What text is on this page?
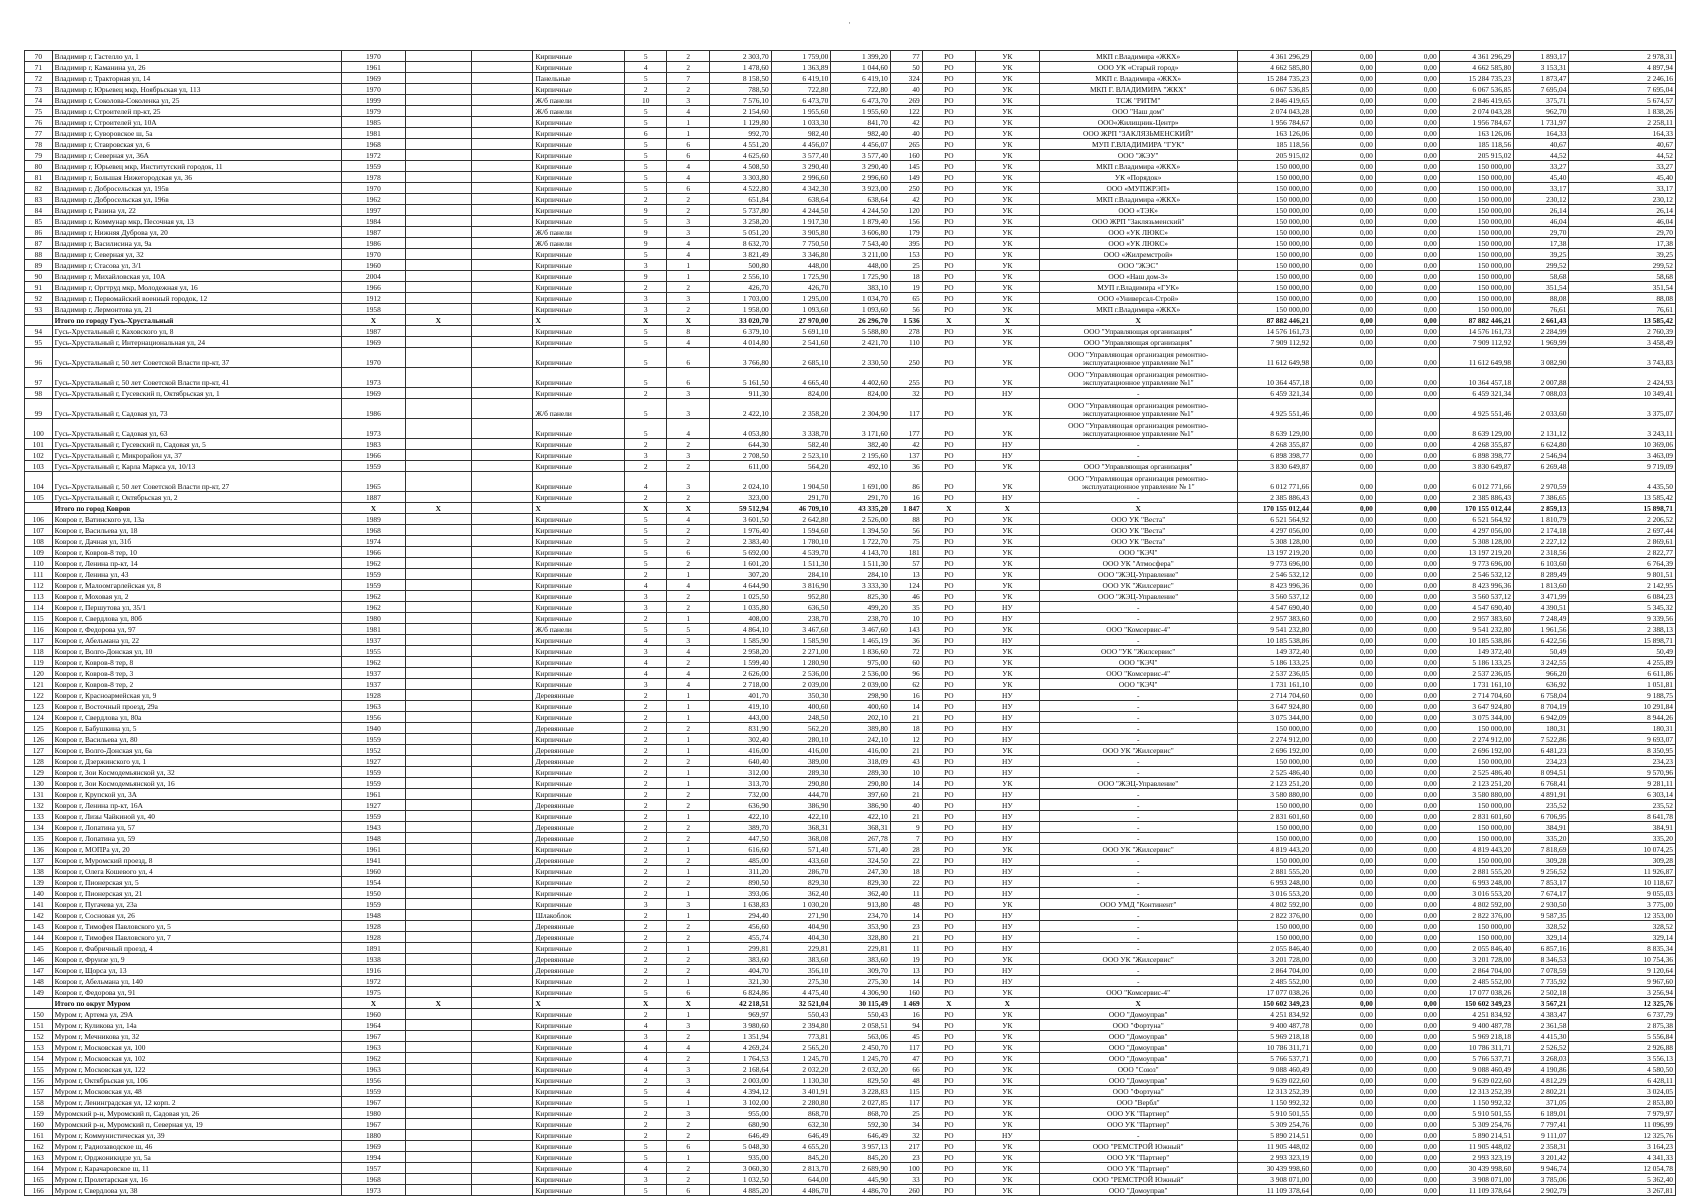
·
70	Владимир г, Гастелло ул, 1	1970			Кирпичные	5	2	2 303,70	1 759,00	1 399,20	77	РО	УК	МКП г.Владимира «ЖКХ»	4 361 296,29	0,00	0,00	4 361 296,29	1 893,17	2 978,31
71	Владимир г, Каманина ул, 26	1961			Кирпичные	4	2	1 478,60	1 363,89	1 044,60	50	РО	УК	ООО УК «Старый город»	4 662 585,80	0,00	0,00	4 662 585,80	3 153,31	4 897,94
72	Владимир г, Тракторная ул, 14	1969			Панельные	5	7	8 158,50	6 419,10	6 419,10	324	РО	УК	МКП г. Владимира «ЖКХ»	15 284 735,23	0,00	0,00	15 284 735,23	1 873,47	2 246,16
73	Владимир г, Юрьевец мкр, Ноябрьская ул, 113	1970			Кирпичные	2	2	788,50	722,80	722,80	40	РО	УК	МКП Г. ВЛАДИМИРА "ЖКХ"	6 067 536,85	0,00	0,00	6 067 536,85	7 695,04	7 695,04
74	Владимир г, Соколова-Соколенка ул, 25	1999			Ж/б панели	10	3	7 576,10	6 473,70	6 473,70	269	РО	УК	ТСЖ "РИТМ"	2 846 419,65	0,00	0,00	2 846 419,65	375,71	5 674,57
75	Владимир г, Строителей пр-кт, 25	1979			Ж/б панели	5	4	2 154,60	1 955,60	1 955,60	122	РО	УК	ООО "Наш дом"	2 074 043,28	0,00	0,00	2 074 043,28	962,70	1 838,26
76	Владимир г, Строителей ул, 10А	1985			Кирпичные	5	1	1 129,80	1 033,30	841,70	42	РО	УК	ООО«Жилищник-Центр»	1 956 784,67	0,00	0,00	1 956 784,67	1 731,97	2 258,11
77	Владимир г, Суворовское ш, 5а	1981			Кирпичные	6	1	992,70	982,40	982,40	40	РО	УК	ООО ЖРП "ЗАКЛЯЗЬМЕНСКИЙ"	163 126,06	0,00	0,00	163 126,06	164,33	164,33
78	Владимир г, Ставровская ул, 6	1968			Кирпичные	5	6	4 551,20	4 456,07	4 456,07	265	РО	УК	МУП Г.ВЛАДИМИРА "ГУК"	185 118,56	0,00	0,00	185 118,56	40,67	40,67
79	Владимир г, Северная ул, 36А	1972			Кирпичные	5	6	4 625,60	3 577,40	3 577,40	160	РО	УК	ООО "ЖЭУ"	205 915,02	0,00	0,00	205 915,02	44,52	44,52
80	Владимир г, Юрьевец мкр, Институтский городок, 11	1959			Кирпичные	5	4	4 508,50	3 290,40	3 290,40	145	РО	УК	МКП г.Владимира «ЖКХ»	150 000,00	0,00	0,00	150 000,00	33,27	33,27
81	Владимир г, Большая Нижегородская ул, 36	1978			Кирпичные	5	4	3 303,80	2 996,60	2 996,60	149	РО	УК	УК «Порядок»	150 000,00	0,00	0,00	150 000,00	45,40	45,40
82	Владимир г, Добросельская ул, 195в	1970			Кирпичные	5	6	4 522,80	4 342,30	3 923,00	250	РО	УК	ООО «МУПЖРЭП»	150 000,00	0,00	0,00	150 000,00	33,17	33,17
83	Владимир г, Добросельская ул, 196в	1962			Кирпичные	2	2	651,84	638,64	638,64	42	РО	УК	МКП г.Владимира «ЖКХ»	150 000,00	0,00	0,00	150 000,00	230,12	230,12
84	Владимир г, Разина ул, 22	1997			Кирпичные	9	2	5 737,80	4 244,50	4 244,50	120	РО	УК	ООО «ТЭК»	150 000,00	0,00	0,00	150 000,00	26,14	26,14
85	Владимир г, Коммунар мкр, Песочная ул, 13	1984			Кирпичные	5	3	3 258,20	1 917,30	1 879,40	156	РО	УК	ООО ЖРП "Заклязьменский"	150 000,00	0,00	0,00	150 000,00	46,04	46,04
86	Владимир г, Нижняя Дуброва ул, 20	1987			Ж/б панели	9	3	5 051,20	3 905,80	3 606,80	179	РО	УК	ООО «УК ЛЮКС»	150 000,00	0,00	0,00	150 000,00	29,70	29,70
87	Владимир г, Василисина ул, 9а	1986			Ж/б панели	9	4	8 632,70	7 750,50	7 543,40	395	РО	УК	ООО «УК ЛЮКС»	150 000,00	0,00	0,00	150 000,00	17,38	17,38
88	Владимир г, Северная ул, 32	1970			Кирпичные	5	4	3 821,49	3 346,80	3 211,00	153	РО	УК	ООО «Жилремстрой»	150 000,00	0,00	0,00	150 000,00	39,25	39,25
89	Владимир г, Стасова ул, 3/1	1960			Кирпичные	3	1	500,80	448,00	448,00	25	РО	УК	ООО "ЖЭС"	150 000,00	0,00	0,00	150 000,00	299,52	299,52
90	Владимир г, Михайловская ул, 10А	2004			Кирпичные	9	1	2 556,10	1 725,90	1 725,90	18	РО	УК	ООО «Наш дом-3»	150 000,00	0,00	0,00	150 000,00	58,68	58,68
91	Владимир г, Оргтруд мкр, Молодежная ул, 16	1966			Кирпичные	2	2	426,70	426,70	383,10	19	РО	УК	МУП г.Владимира «ГУК»	150 000,00	0,00	0,00	150 000,00	351,54	351,54
92	Владимир г, Первомайский военный городок, 12	1912			Кирпичные	3	3	1 703,00	1 295,00	1 034,70	65	РО	УК	ООО «Универсал-Строй»	150 000,00	0,00	0,00	150 000,00	88,08	88,08
93	Владимир г, Лермонтова ул, 21	1958			Кирпичные	3	2	1 958,00	1 093,60	1 093,60	56	РО	УК	МКП г.Владимира «ЖКХ»	150 000,00	0,00	0,00	150 000,00	76,61	76,61
	Итого по городу Гусь-Хрустальный	Х	Х		Х	Х	Х	33 020,70	27 970,00	26 296,70	1 536	Х	Х	Х	87 882 446,21	0,00	0,00	87 882 446,21	2 661,43	13 585,42
94	Гусь-Хрустальный г, Каховского ул, 8	1987			Кирпичные	5	8	6 379,10	5 691,10	5 588,80	278	РО	УК	ООО "Управляющая организация"	14 576 161,73	0,00	0,00	14 576 161,73	2 284,99	2 760,39
95	Гусь-Хрустальный г, Интернациональная ул, 24	1969			Кирпичные	5	4	4 014,80	2 541,60	2 421,70	110	РО	УК	ООО "Управляющая организация"	7 909 112,92	0,00	0,00	7 909 112,92	1 969,99	3 458,49
96	Гусь-Хрустальный г, 50 лет Советской Власти пр-кт, 37	1970			Кирпичные	5	6	3 766,80	2 685,10	2 330,50	250	РО	УК	ООО "Управляющая организация ремонтно-эксплуатационное управление №1"	11 612 649,98	0,00	0,00	11 612 649,98	3 082,90	3 743,83
97	Гусь-Хрустальный г, 50 лет Советской Власти пр-кт, 41	1973			Кирпичные	5	6	5 161,50	4 665,40	4 402,60	255	РО	УК	ООО "Управляющая организация ремонтно-эксплуатационное управление №1"	10 364 457,18	0,00	0,00	10 364 457,18	2 007,88	2 424,93
98	Гусь-Хрустальный г, Гусевский п, Октябрьская ул, 1	1969			Кирпичные	2	3	911,30	824,00	824,00	32	РО	НУ	-	6 459 321,34	0,00	0,00	6 459 321,34	7 088,03	10 349,41
99	Гусь-Хрустальный г, Садовая ул, 73	1986			Ж/б панели	5	3	2 422,10	2 358,20	2 304,90	117	РО	УК	ООО "Управляющая организация ремонтно-эксплуатационное управление №1"	4 925 551,46	0,00	0,00	4 925 551,46	2 033,60	3 375,07
100	Гусь-Хрустальный г, Садовая ул, 63	1973			Кирпичные	5	4	4 053,80	3 338,70	3 171,60	177	РО	УК	ООО "Управляющая организация ремонтно-эксплуатационное управление №1"	8 639 129,00	0,00	0,00	8 639 129,00	2 131,12	3 243,11
101	Гусь-Хрустальный г, Гусевский п, Садовая ул, 5	1983			Кирпичные	2	2	644,30	582,40	382,40	42	РО	НУ	-	4 268 355,87	0,00	0,00	4 268 355,87	6 624,80	10 369,06
102	Гусь-Хрустальный г, Микрорайон ул, 37	1966			Кирпичные	3	3	2 708,50	2 523,10	2 195,60	137	РО	НУ	-	6 898 398,77	0,00	0,00	6 898 398,77	2 546,94	3 463,09
103	Гусь-Хрустальный г, Карла Маркса ул, 10/13	1959			Кирпичные	2	2	611,00	564,20	492,10	36	РО	УК	ООО "Управляющая организация"	3 830 649,87	0,00	0,00	3 830 649,87	6 269,48	9 719,09
104	Гусь-Хрустальный г, 50 лет Советской Власти пр-кт, 27	1965			Кирпичные	4	3	2 024,10	1 904,50	1 691,00	86	РО	УК	ООО "Управляющая организация ремонтно-эксплуатационное управление № 1"	6 012 771,66	0,00	0,00	6 012 771,66	2 970,59	4 435,50
105	Гусь-Хрустальный г, Октябрьская ул, 2	1887			Кирпичные	2	2	323,00	291,70	291,70	16	РО	НУ	-	2 385 886,43	0,00	0,00	2 385 886,43	7 386,65	13 585,42
	Итого по город Ковров	Х	Х		Х	Х	Х	59 512,94	46 709,10	43 335,20	1 847	Х	Х	Х	170 155 012,44	0,00	0,00	170 155 012,44	2 859,13	15 898,71
106	Ковров г, Ватинского ул, 13а	1989			Кирпичные	5	4	3 601,50	2 642,80	2 526,00	88	РО	УК	ООО УК "Веста"	6 521 564,92	0,00	0,00	6 521 564,92	1 810,79	2 206,52
107	Ковров г, Васильева ул, 18	1968			Кирпичные	5	2	1 976,40	1 594,60	1 394,50	56	РО	УК	ООО УК "Веста"	4 297 056,00	0,00	0,00	4 297 056,00	2 174,18	2 697,44
108	Ковров г, Дачная ул, 31б	1974			Кирпичные	5	2	2 383,40	1 780,10	1 722,70	75	РО	УК	ООО УК "Веста"	5 308 128,00	0,00	0,00	5 308 128,00	2 227,12	2 869,61
109	Ковров г, Ковров-8 тер, 10	1966			Кирпичные	5	6	5 692,00	4 539,70	4 143,70	181	РО	УК	ООО "КЭЧ"	13 197 219,20	0,00	0,00	13 197 219,20	2 318,56	2 822,77
110	Ковров г, Ленина пр-кт, 14	1962			Кирпичные	5	2	1 601,20	1 511,30	1 511,30	57	РО	УК	ООО УК "Атмосфера"	9 773 696,00	0,00	0,00	9 773 696,00	6 103,60	6 764,39
111	Ковров г, Ленина ул, 43	1959			Кирпичные	2	1	307,20	284,10	284,10	13	РО	УК	ООО "ЖЭЦ-Управление"	2 546 532,12	0,00	0,00	2 546 532,12	8 289,49	9 801,51
112	Ковров г, Малоомгарлейская ул, 8	1959			Кирпичные	4	4	4 644,90	3 816,90	3 333,30	124	РО	УК	ООО УК "Жилсервис"	8 423 996,36	0,00	0,00	8 423 996,36	1 813,60	2 142,95
113	Ковров г, Моховая ул, 2	1962			Кирпичные	3	2	1 025,50	952,80	825,30	46	РО	УК	ООО "ЖЭЦ-Управление"	3 560 537,12	0,00	0,00	3 560 537,12	3 471,99	6 084,23
114	Ковров г, Першутова ул, 35/1	1962			Кирпичные	3	2	1 035,80	636,50	499,20	35	РО	НУ	-	4 547 690,40	0,00	0,00	4 547 690,40	4 390,51	5 345,32
115	Ковров г, Свердлова ул, 80б	1980			Кирпичные	2	1	408,00	238,70	238,70	10	РО	НУ	-	2 957 383,60	0,00	0,00	2 957 383,60	7 248,49	9 339,56
116	Ковров г, Федорова ул, 97	1981			Ж/б панели	5	5	4 864,10	3 467,60	3 467,60	143	РО	УК	ООО "Комсервис-4"	9 541 232,80	0,00	0,00	9 541 232,80	1 961,56	2 388,13
117	Ковров г, Абельмана ул, 22	1937			Кирпичные	4	3	1 585,90	1 585,90	1 465,19	36	РО	НУ	-	10 185 538,86	0,00	0,00	10 185 538,86	6 422,56	15 898,71
118	Ковров г, Волго-Донская ул, 10	1955			Кирпичные	3	4	2 958,20	2 271,00	1 836,60	72	РО	УК	ООО "УК "Жилсервис"	149 372,40	0,00	0,00	149 372,40	50,49	50,49
119	Ковров г, Ковров-8 тер, 8	1962			Кирпичные	4	2	1 599,40	1 280,90	975,00	60	РО	УК	ООО "КЭЧ"	5 186 133,25	0,00	0,00	5 186 133,25	3 242,55	4 255,89
120	Ковров г, Ковров-8 тер, 3	1937			Кирпичные	4	4	2 626,00	2 536,00	2 536,00	96	РО	УК	ООО "Комсервис-4"	2 537 236,05	0,00	0,00	2 537 236,05	966,20	6 611,86
121	Ковров г, Ковров-8 тер, 2	1937			Кирпичные	3	4	2 718,00	2 039,00	2 039,00	62	РО	УК	ООО "КЭЧ"	1 731 161,10	0,00	0,00	1 731 161,10	636,92	1 051,81
122	Ковров г, Красноармейская ул, 9	1928			Деревянные	2	1	401,70	350,30	298,90	16	РО	НУ	-	2 714 704,60	0,00	0,00	2 714 704,60	6 758,04	9 188,75
123	Ковров г, Восточный проезд, 29а	1963			Кирпичные	2	1	419,10	400,60	400,60	14	РО	НУ	-	3 647 924,80	0,00	0,00	3 647 924,80	8 704,19	10 291,84
124	Ковров г, Свердлова ул, 80а	1956			Кирпичные	2	1	443,00	248,50	202,10	21	РО	НУ	-	3 075 344,00	0,00	0,00	3 075 344,00	6 942,09	8 944,26
125	Ковров г, Бабушкина ул, 5	1940			Деревянные	2	2	831,90	562,20	389,80	18	РО	НУ	-	150 000,00	0,00	0,00	150 000,00	180,31	180,31
126	Ковров г, Васильева ул, 80	1959			Кирпичные	2	1	302,40	280,10	242,10	12	РО	НУ	-	2 274 912,00	0,00	0,00	2 274 912,00	7 522,86	9 693,07
127	Ковров г, Волго-Донская ул, 6а	1952			Деревянные	2	1	416,00	416,00	416,00	21	РО	УК	ООО УК "Жилсервис"	2 696 192,00	0,00	0,00	2 696 192,00	6 481,23	8 350,95
128	Ковров г, Дзержинского ул, 1	1927			Деревянные	2	2	640,40	389,00	318,09	43	РО	НУ	-	150 000,00	0,00	0,00	150 000,00	234,23	234,23
129	Ковров г, Зои Космодемьянской ул, 32	1959			Кирпичные	2	1	312,00	289,30	289,30	10	РО	НУ	-	2 525 486,40	0,00	0,00	2 525 486,40	8 094,51	9 570,96
130	Ковров г, Зои Космодемьянской ул, 16	1959			Кирпичные	2	1	313,70	290,80	290,80	14	РО	УК	ООО "ЖЭЦ-Управление"	2 123 251,20	0,00	0,00	2 123 251,20	6 768,41	9 281,11
131	Ковров г, Крупской ул, 3А	1961			Кирпичные	2	2	732,00	444,70	397,60	21	РО	НУ	-	3 580 880,00	0,00	0,00	3 580 880,00	4 891,91	6 303,14
132	Ковров г, Ленина пр-кт, 16А	1927			Деревянные	2	2	636,90	386,90	386,90	40	РО	НУ	-	150 000,00	0,00	0,00	150 000,00	235,52	235,52
133	Ковров г, Лизы Чайкиной ул, 40	1959			Кирпичные	2	1	422,10	422,10	422,10	21	РО	НУ	-	2 831 601,60	0,00	0,00	2 831 601,60	6 706,95	8 641,78
134	Ковров г, Лопатина ул, 57	1943			Деревянные	2	2	389,70	368,31	368,31	9	РО	НУ	-	150 000,00	0,00	0,00	150 000,00	384,91	384,91
135	Ковров г, Лопатина ул, 59	1948			Деревянные	2	2	447,50	368,08	267,78	7	РО	НУ	-	150 000,00	0,00	0,00	150 000,00	335,20	335,20
136	Ковров г, МОПРа ул, 20	1961			Кирпичные	2	1	616,60	571,40	571,40	28	РО	УК	ООО УК "Жилсервис"	4 819 443,20	0,00	0,00	4 819 443,20	7 818,69	10 074,25
137	Ковров г, Муромский проезд, 8	1941			Деревянные	2	2	485,00	433,60	324,50	22	РО	НУ	-	150 000,00	0,00	0,00	150 000,00	309,28	309,28
138	Ковров г, Олега Кошевого ул, 4	1960			Кирпичные	2	1	311,20	286,70	247,30	18	РО	НУ	-	2 881 555,20	0,00	0,00	2 881 555,20	9 256,52	11 926,87
139	Ковров г, Пионерская ул, 5	1954			Кирпичные	2	2	890,50	829,30	829,30	22	РО	НУ	-	6 993 248,00	0,00	0,00	6 993 248,00	7 853,17	10 118,67
140	Ковров г, Пионерская ул, 21	1950			Кирпичные	2	1	393,06	362,40	362,40	11	РО	НУ	-	3 016 553,20	0,00	0,00	3 016 553,20	7 674,17	9 055,03
141	Ковров г, Пугачева ул, 23а	1959			Кирпичные	3	3	1 638,83	1 030,20	913,80	48	РО	УК	ООО УМД "Континент"	4 802 592,00	0,00	0,00	4 802 592,00	2 930,50	3 775,00
142	Ковров г, Сосновая ул, 26	1948			Шлакоблок	2	1	294,40	271,90	234,70	14	РО	НУ	-	2 822 376,00	0,00	0,00	2 822 376,00	9 587,35	12 353,00
143	Ковров г, Тимофея Павловского ул, 5	1928			Деревянные	2	2	456,60	404,90	353,90	23	РО	НУ	-	150 000,00	0,00	0,00	150 000,00	328,52	328,52
144	Ковров г, Тимофея Павловского ул, 7	1928			Деревянные	2	2	455,74	404,30	328,80	21	РО	НУ	-	150 000,00	0,00	0,00	150 000,00	329,14	329,14
145	Ковров г, Фабричный проезд, 4	1891			Кирпичные	2	1	299,81	229,81	229,81	11	РО	НУ	-	2 055 846,40	0,00	0,00	2 055 846,40	6 857,16	8 835,34
146	Ковров г, Фрунзе ул, 9	1938			Деревянные	2	2	383,60	383,60	383,60	19	РО	УК	ООО УК "Жилсервис"	3 201 728,00	0,00	0,00	3 201 728,00	8 346,53	10 754,36
147	Ковров г, Щорса ул, 13	1916			Деревянные	2	2	404,70	356,10	309,70	13	РО	НУ	-	2 864 704,00	0,00	0,00	2 864 704,00	7 078,59	9 120,64
148	Ковров г, Абельмана ул, 140	1972			Кирпичные	2	1	321,30	275,30	275,30	14	РО	НУ	-	2 485 552,00	0,00	0,00	2 485 552,00	7 735,92	9 967,60
149	Ковров г, Федорова ул, 91	1975			Кирпичные	5	6	6 824,86	4 475,40	4 306,90	160	РО	УК	ООО "Комсервис-4"	17 077 038,26	0,00	0,00	17 077 038,26	2 502,18	3 256,94
	Итого по округ Муром	Х	Х		Х	Х	Х	42 218,51	32 521,04	30 115,49	1 469	Х	Х	Х	150 602 349,23	0,00	0,00	150 602 349,23	3 567,21	12 325,76
150	Муром г, Артема ул, 29А	1960			Кирпичные	2	1	969,97	550,43	550,43	16	РО	УК	ООО "Домоуправ"	4 251 834,92	0,00	0,00	4 251 834,92	4 383,47	6 737,79
151	Муром г, Куликова ул, 14а	1964			Кирпичные	4	3	3 980,60	2 394,80	2 058,51	94	РО	УК	ООО "Фортуна"	9 400 487,78	0,00	0,00	9 400 487,78	2 361,58	2 875,38
152	Муром г, Мечникова ул, 32	1967			Кирпичные	3	2	1 351,94	773,81	563,06	45	РО	УК	ООО "Домоуправ"	5 969 218,18	0,00	0,00	5 969 218,18	4 415,30	5 556,84
153	Муром г, Московская ул, 100	1963			Кирпичные	4	4	4 269,24	2 565,20	2 450,70	117	РО	УК	ООО "Домоуправ"	10 786 311,71	0,00	0,00	10 786 311,71	2 526,52	2 926,88
154	Муром г, Московская ул, 102	1962			Кирпичные	4	2	1 764,53	1 245,70	1 245,70	47	РО	УК	ООО "Домоуправ"	5 766 537,71	0,00	0,00	5 766 537,71	3 268,03	3 556,13
155	Муром г, Московская ул, 122	1963			Кирпичные	4	3	2 168,64	2 032,20	2 032,20	66	РО	УК	ООО "Союз"	9 088 460,49	0,00	0,00	9 088 460,49	4 190,86	4 580,50
156	Муром г, Октябрьская ул, 106	1956			Кирпичные	2	3	2 003,00	1 130,30	829,50	48	РО	УК	ООО "Домоуправ"	9 639 022,60	0,00	0,00	9 639 022,60	4 812,29	6 428,11
157	Муром г, Московская ул, 48	1959			Кирпичные	5	4	4 394,12	3 401,91	3 228,83	115	РО	УК	ООО "Фортуна"	12 313 252,39	0,00	0,00	12 313 252,39	2 802,21	3 024,05
158	Муром г, Ленинградская ул, 12 корп. 2	1967			Кирпичные	5	1	3 102,00	2 280,80	2 027,85	117	РО	УК	ООО "Вербл"	1 150 992,32	0,00	0,00	1 150 992,32	371,05	2 853,80
159	Муромский р-н, Муромский п, Садовая ул, 26	1980			Кирпичные	2	3	955,00	868,70	868,70	25	РО	УК	ООО УК "Партнер"	5 910 501,55	0,00	0,00	5 910 501,55	6 189,01	7 979,97
160	Муромский р-н, Муромский п, Северная ул, 19	1967			Кирпичные	2	2	680,90	632,30	592,30	34	РО	УК	ООО УК "Партнер"	5 309 254,76	0,00	0,00	5 309 254,76	7 797,41	11 096,99
161	Муром г, Коммунистическая ул, 39	1880			Кирпичные	2	2	646,49	646,49	646,49	32	РО	НУ	-	5 890 214,51	0,00	0,00	5 890 214,51	9 111,07	12 325,76
162	Муром г, Радиозаводское ш, 46	1969			Кирпичные	5	6	5 048,30	4 655,20	3 957,13	217	РО	УК	ООО "РЕМСТРОЙ Южный"	11 905 448,02	0,00	0,00	11 905 448,02	2 358,31	3 164,23
163	Муром г, Орджоникидзе ул, 5а	1994			Кирпичные	5	1	935,00	845,20	845,20	23	РО	УК	ООО УК "Партнер"	2 993 323,19	0,00	0,00	2 993 323,19	3 201,42	4 341,33
164	Муром г, Карачаровское ш, 11	1957			Кирпичные	4	2	3 060,30	2 813,70	2 689,90	100	РО	УК	ООО УК "Партнер"	30 439 998,60	0,00	0,00	30 439 998,60	9 946,74	12 054,78
165	Муром г, Пролетарская ул, 16	1968			Кирпичные	3	2	1 032,50	644,00	445,90	33	РО	УК	ООО "РЕМСТРОЙ Южный"	3 908 071,00	0,00	0,00	3 908 071,00	3 785,06	5 362,40
166	Муром г, Свердлова ул, 38	1973			Кирпичные	5	6	4 885,20	4 486,70	4 486,70	260	РО	УК	ООО "Домоуправ"	11 109 378,64	0,00	0,00	11 109 378,64	2 902,79	3 267,81
